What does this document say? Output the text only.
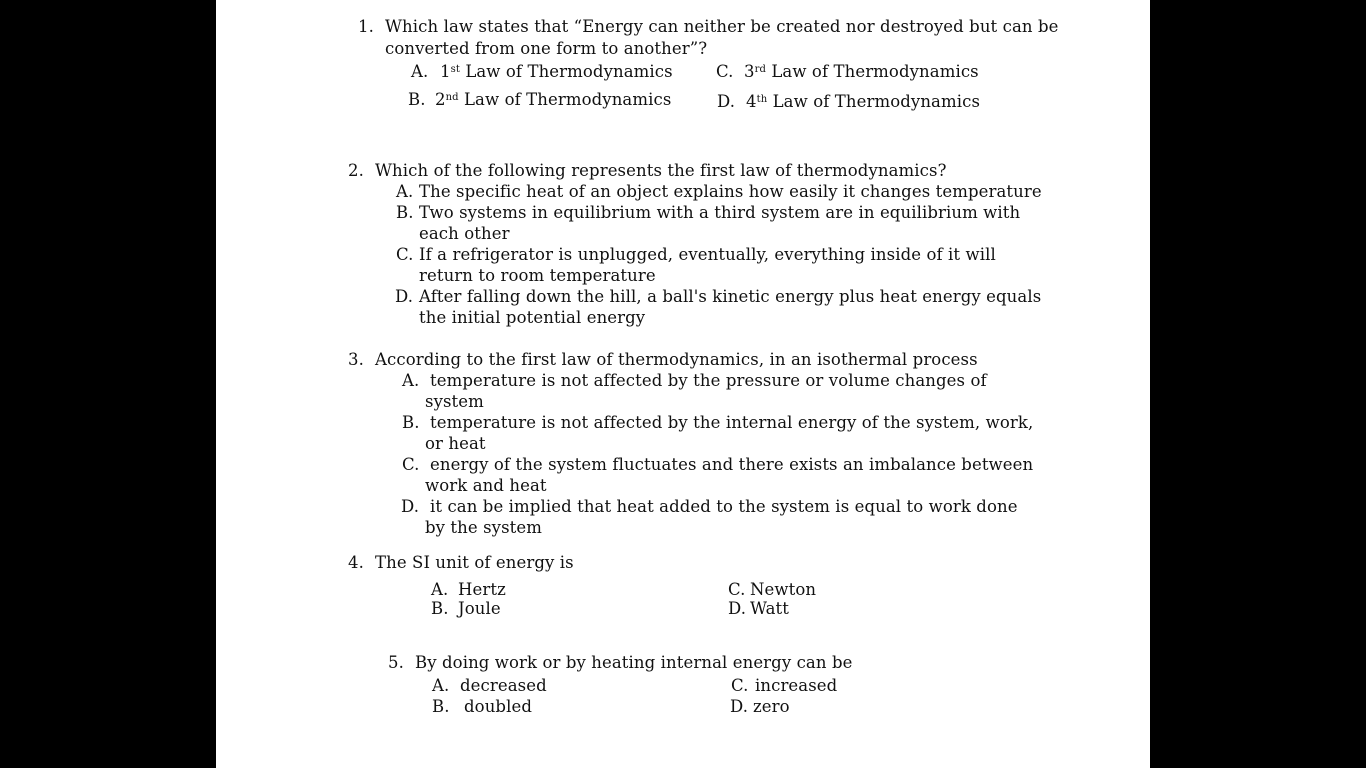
1. Which law states that “Energy can neither be created nor destroyed but can be
converted from one form to another”?
A. 1st Law of Thermodynamics
B. 2nd Law of Thermodynamics
C. 3rd Law of Thermodynamics
D. 4th Law of Thermodynamics
2. Which of the following represents the first law of thermodynamics?
A. The specific heat of an object explains how easily it changes temperature
B. Two systems in equilibrium with a third system are in equilibrium with
each other
C. If a refrigerator is unplugged, eventually, everything inside of it will
return to room temperature
D. After falling down the hill, a ball's kinetic energy plus heat energy equals
the initial potential energy
3. According to the first law of thermodynamics, in an isothermal process
A. temperature is not affected by the pressure or volume changes of
system
B. temperature is not affected by the internal energy of the system, work,
or heat
C. energy of the system fluctuates and there exists an imbalance between
work and heat
D. it can be implied that heat added to the system is equal to work done
by the system
4. The SI unit of energy is
A. Hertz
B. Joule
C. Newton
D. Watt
5. By doing work or by heating internal energy can be
A. decreased
B. doubled
C. increased
D. zero
